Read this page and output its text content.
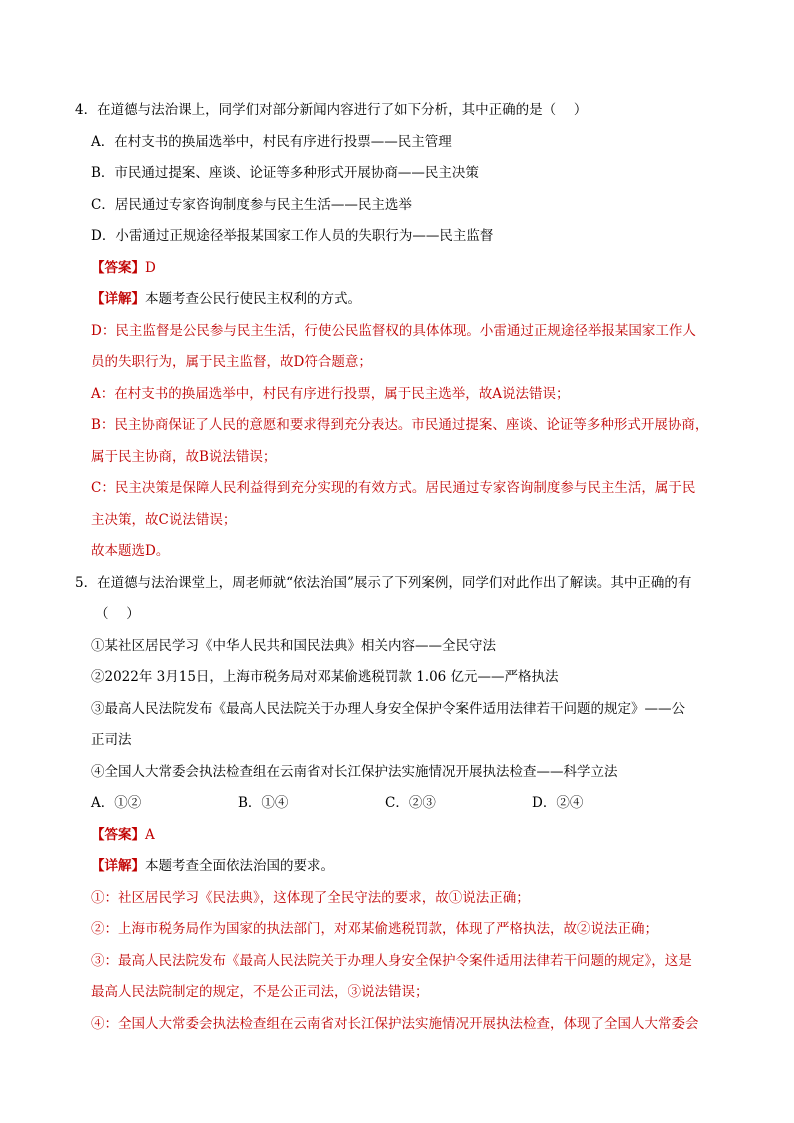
4．在道德与法治课上，同学们对部分新闻内容进行了如下分析，其中正确的是（　 ）
A．在村支书的换届选举中，村民有序进行投票——民主管理
B．市民通过提案、座谈、论证等多种形式开展协商——民主决策
C．居民通过专家咨询制度参与民主生活——民主选举
D．小雷通过正规途径举报某国家工作人员的失职行为——民主监督
【答案】D
【详解】本题考查公民行使民主权利的方式。
D：民主监督是公民参与民主生活，行使公民监督权的具体体现。小雷通过正规途径举报某国家工作人
员的失职行为，属于民主监督，故D符合题意；
A：在村支书的换届选举中，村民有序进行投票，属于民主选举，故A说法错误；
B：民主协商保证了人民的意愿和要求得到充分表达。市民通过提案、座谈、论证等多种形式开展协商，
属于民主协商，故B说法错误；
C：民主决策是保障人民利益得到充分实现的有效方式。居民通过专家咨询制度参与民主生活，属于民
主决策，故C说法错误；
故本题选D。
5．在道德与法治课堂上，周老师就“依法治国”展示了下列案例，同学们对此作出了解读。其中正确的有
（　 ）
①某社区居民学习《中华人民共和国民法典》相关内容——全民守法
②2022年 3月15日，上海市税务局对邓某偷逃税罚款 1.06 亿元——严格执法
③最高人民法院发布《最高人民法院关于办理人身安全保护令案件适用法律若干问题的规定》——公
正司法
④全国人大常委会执法检查组在云南省对长江保护法实施情况开展执法检查——科学立法
A．①②	B．①④	C．②③	D．②④
【答案】A
【详解】本题考查全面依法治国的要求。
①：社区居民学习《民法典》，这体现了全民守法的要求，故①说法正确；
②：上海市税务局作为国家的执法部门，对邓某偷逃税罚款，体现了严格执法，故②说法正确；
③：最高人民法院发布《最高人民法院关于办理人身安全保护令案件适用法律若干问题的规定》，这是
最高人民法院制定的规定，不是公正司法，③说法错误；
④：全国人大常委会执法检查组在云南省对长江保护法实施情况开展执法检查，体现了全国人大常委会
